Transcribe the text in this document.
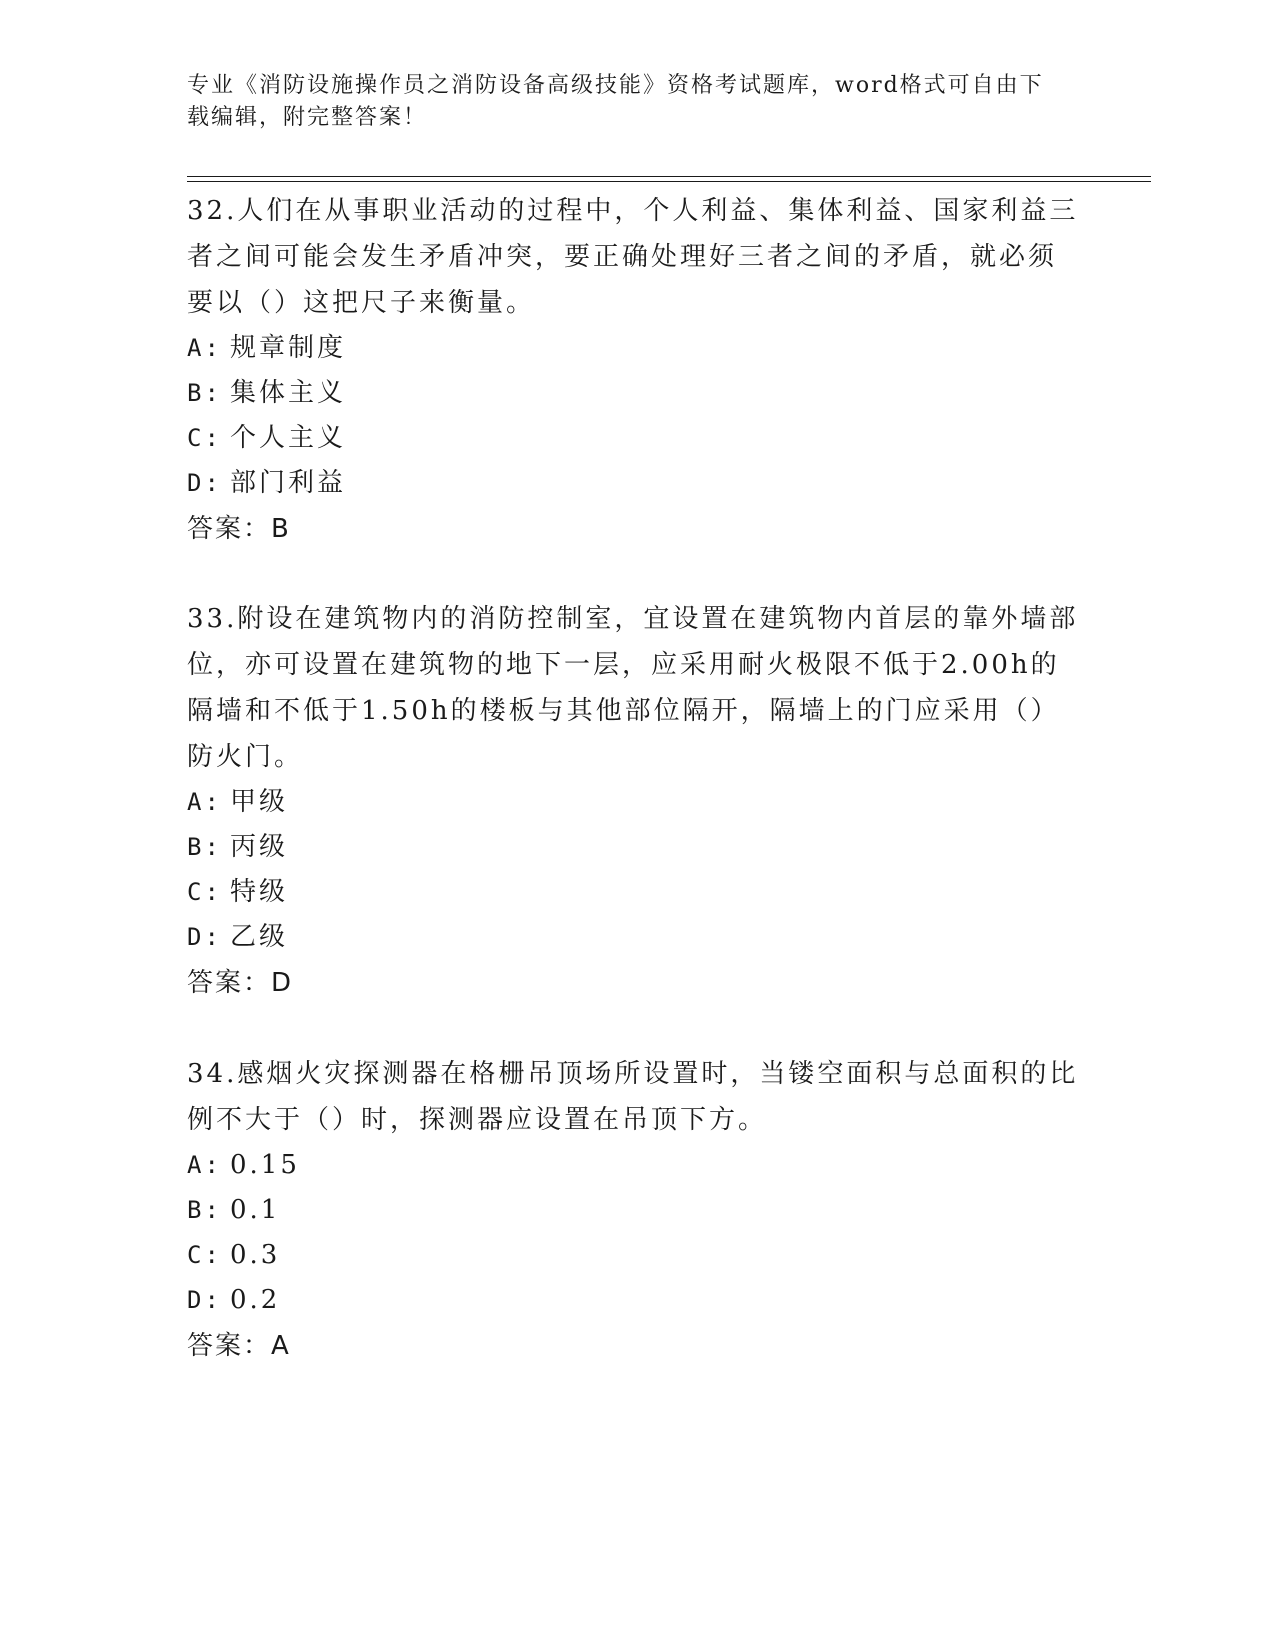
专业《消防设施操作员之消防设备高级技能》资格考试题库，word格式可自由下
载编辑，附完整答案！

32.人们在从事职业活动的过程中，个人利益、集体利益、国家利益三

者之间可能会发生矛盾冲突，要正确处理好三者之间的矛盾，就必须

要以（）这把尺子来衡量。

A: 规章制度
B: 集体主义
C: 个人主义
D: 部门利益

答案：B

33.附设在建筑物内的消防控制室，宜设置在建筑物内首层的靠外墙部

位，亦可设置在建筑物的地下一层，应采用耐火极限不低于2.00h的

隔墙和不低于1.50h的楼板与其他部位隔开，隔墙上的门应采用（）

防火门。

A: 甲级
B: 丙级
C: 特级
D: 乙级

答案：D

34.感烟火灾探测器在格栅吊顶场所设置时，当镂空面积与总面积的比

例不大于（）时，探测器应设置在吊顶下方。

A: 0.15
B: 0.1
C: 0.3
D: 0.2

答案：A
